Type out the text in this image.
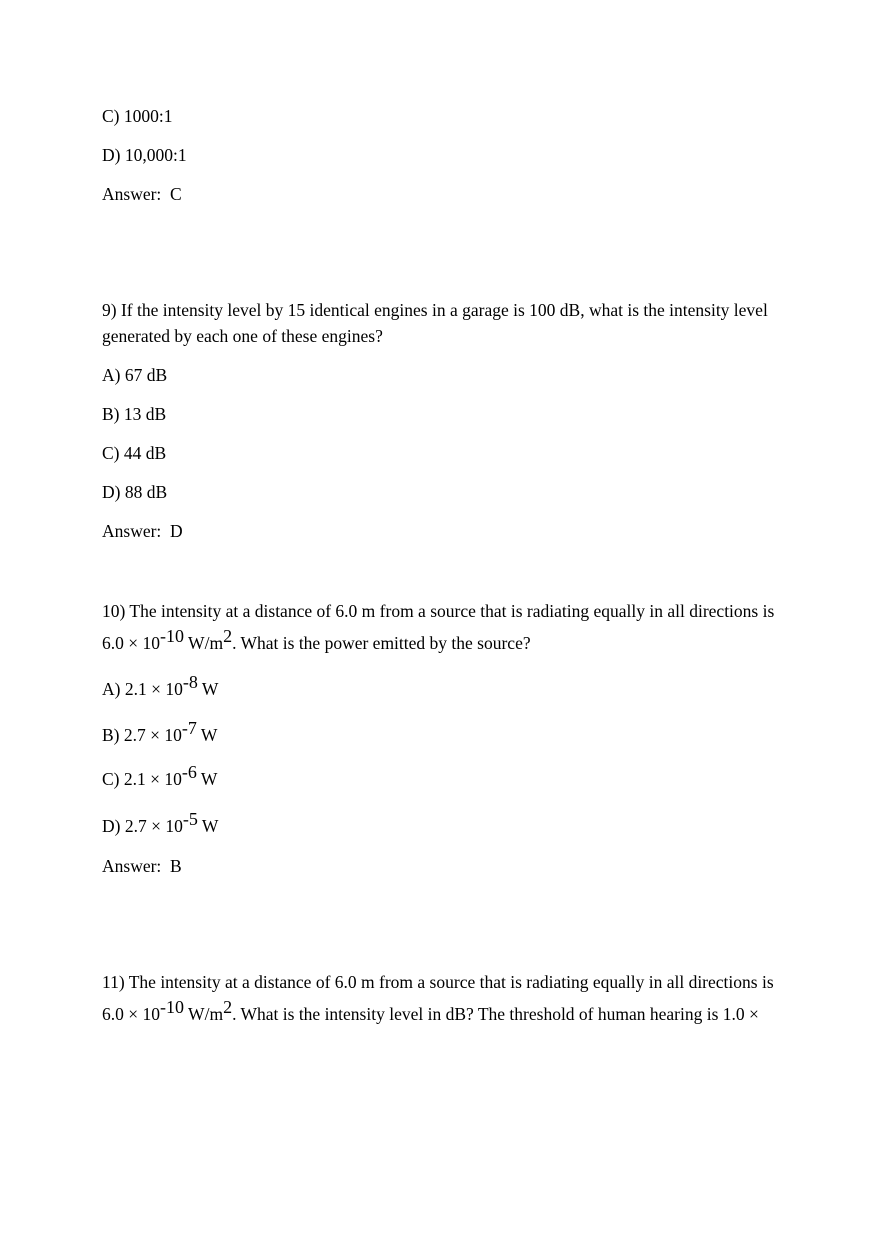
C) 1000:1
D) 10,000:1
Answer: C
9) If the intensity level by 15 identical engines in a garage is 100 dB, what is the intensity level
generated by each one of these engines?
A) 67 dB
B) 13 dB
C) 44 dB
D) 88 dB
Answer: D
10) The intensity at a distance of 6.0 m from a source that is radiating equally in all directions is
6.0 × 10-10 W/m2. What is the power emitted by the source?
A) 2.1 × 10-8 W
B) 2.7 × 10-7 W
C) 2.1 × 10-6 W
D) 2.7 × 10-5 W
Answer: B
11) The intensity at a distance of 6.0 m from a source that is radiating equally in all directions is
6.0 × 10-10 W/m2. What is the intensity level in dB? The threshold of human hearing is 1.0 ×
